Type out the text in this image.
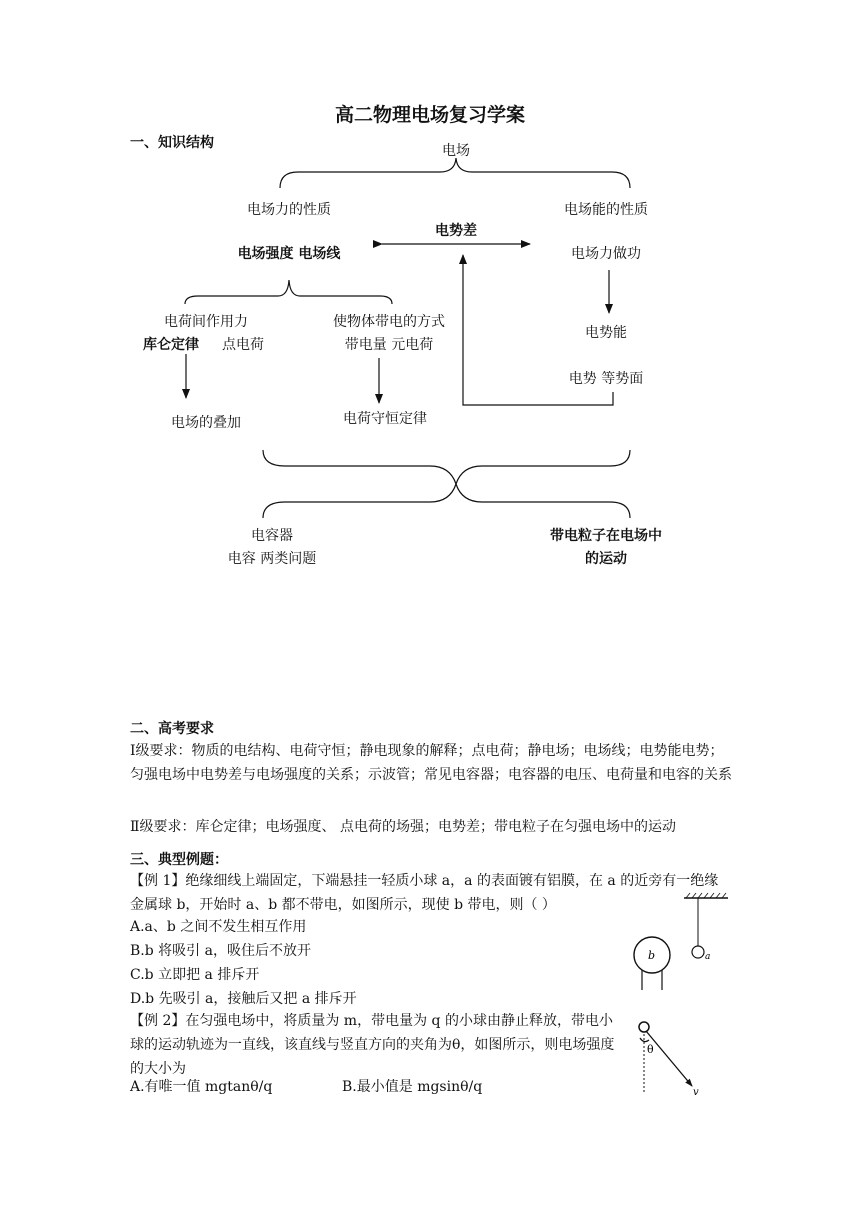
高二物理电场复习学案
一、知识结构	电场
电场力的性质	电场能的性质
电势差
电场强度 电场线	电场力做功
电荷间作用力
库仑定律 点电荷
使物体带电的方式
带电量 元电荷
电势能
电势 等势面
电场的叠加	电荷守恒定律
电容器
电容 两类问题
带电粒子在电场中
的运动
二、高考要求
Ⅰ级要求：物质的电结构、电荷守恒；静电现象的解释；点电荷；静电场；电场线；电势能电势；匀强电场中电势差与电场强度的关系；示波管；常见电容器；电容器的电压、电荷量和电容的关系
Ⅱ级要求：库仑定律；电场强度、 点电荷的场强；电势差；带电粒子在匀强电场中的运动
三、典型例题：
【例 1】绝缘细线上端固定，下端悬挂一轻质小球 a，a 的表面镀有铝膜，在 a 的近旁有一绝缘金属球 b，开始时 a、b 都不带电，如图所示，现使 b 带电，则（ ）
A.a、b 之间不发生相互作用
B.b 将吸引 a，吸住后不放开
C.b 立即把 a 排斥开
D.b 先吸引 a，接触后又把 a 排斥开
b	a
【例 2】在匀强电场中，将质量为 m，带电量为 q 的小球由静止释放，带电小球的运动轨迹为一直线，该直线与竖直方向的夹角为θ，如图所示，则电场强度的大小为
A.有唯一值 mgtanθ/q	B.最小值是 mgsinθ/q
θ
v
